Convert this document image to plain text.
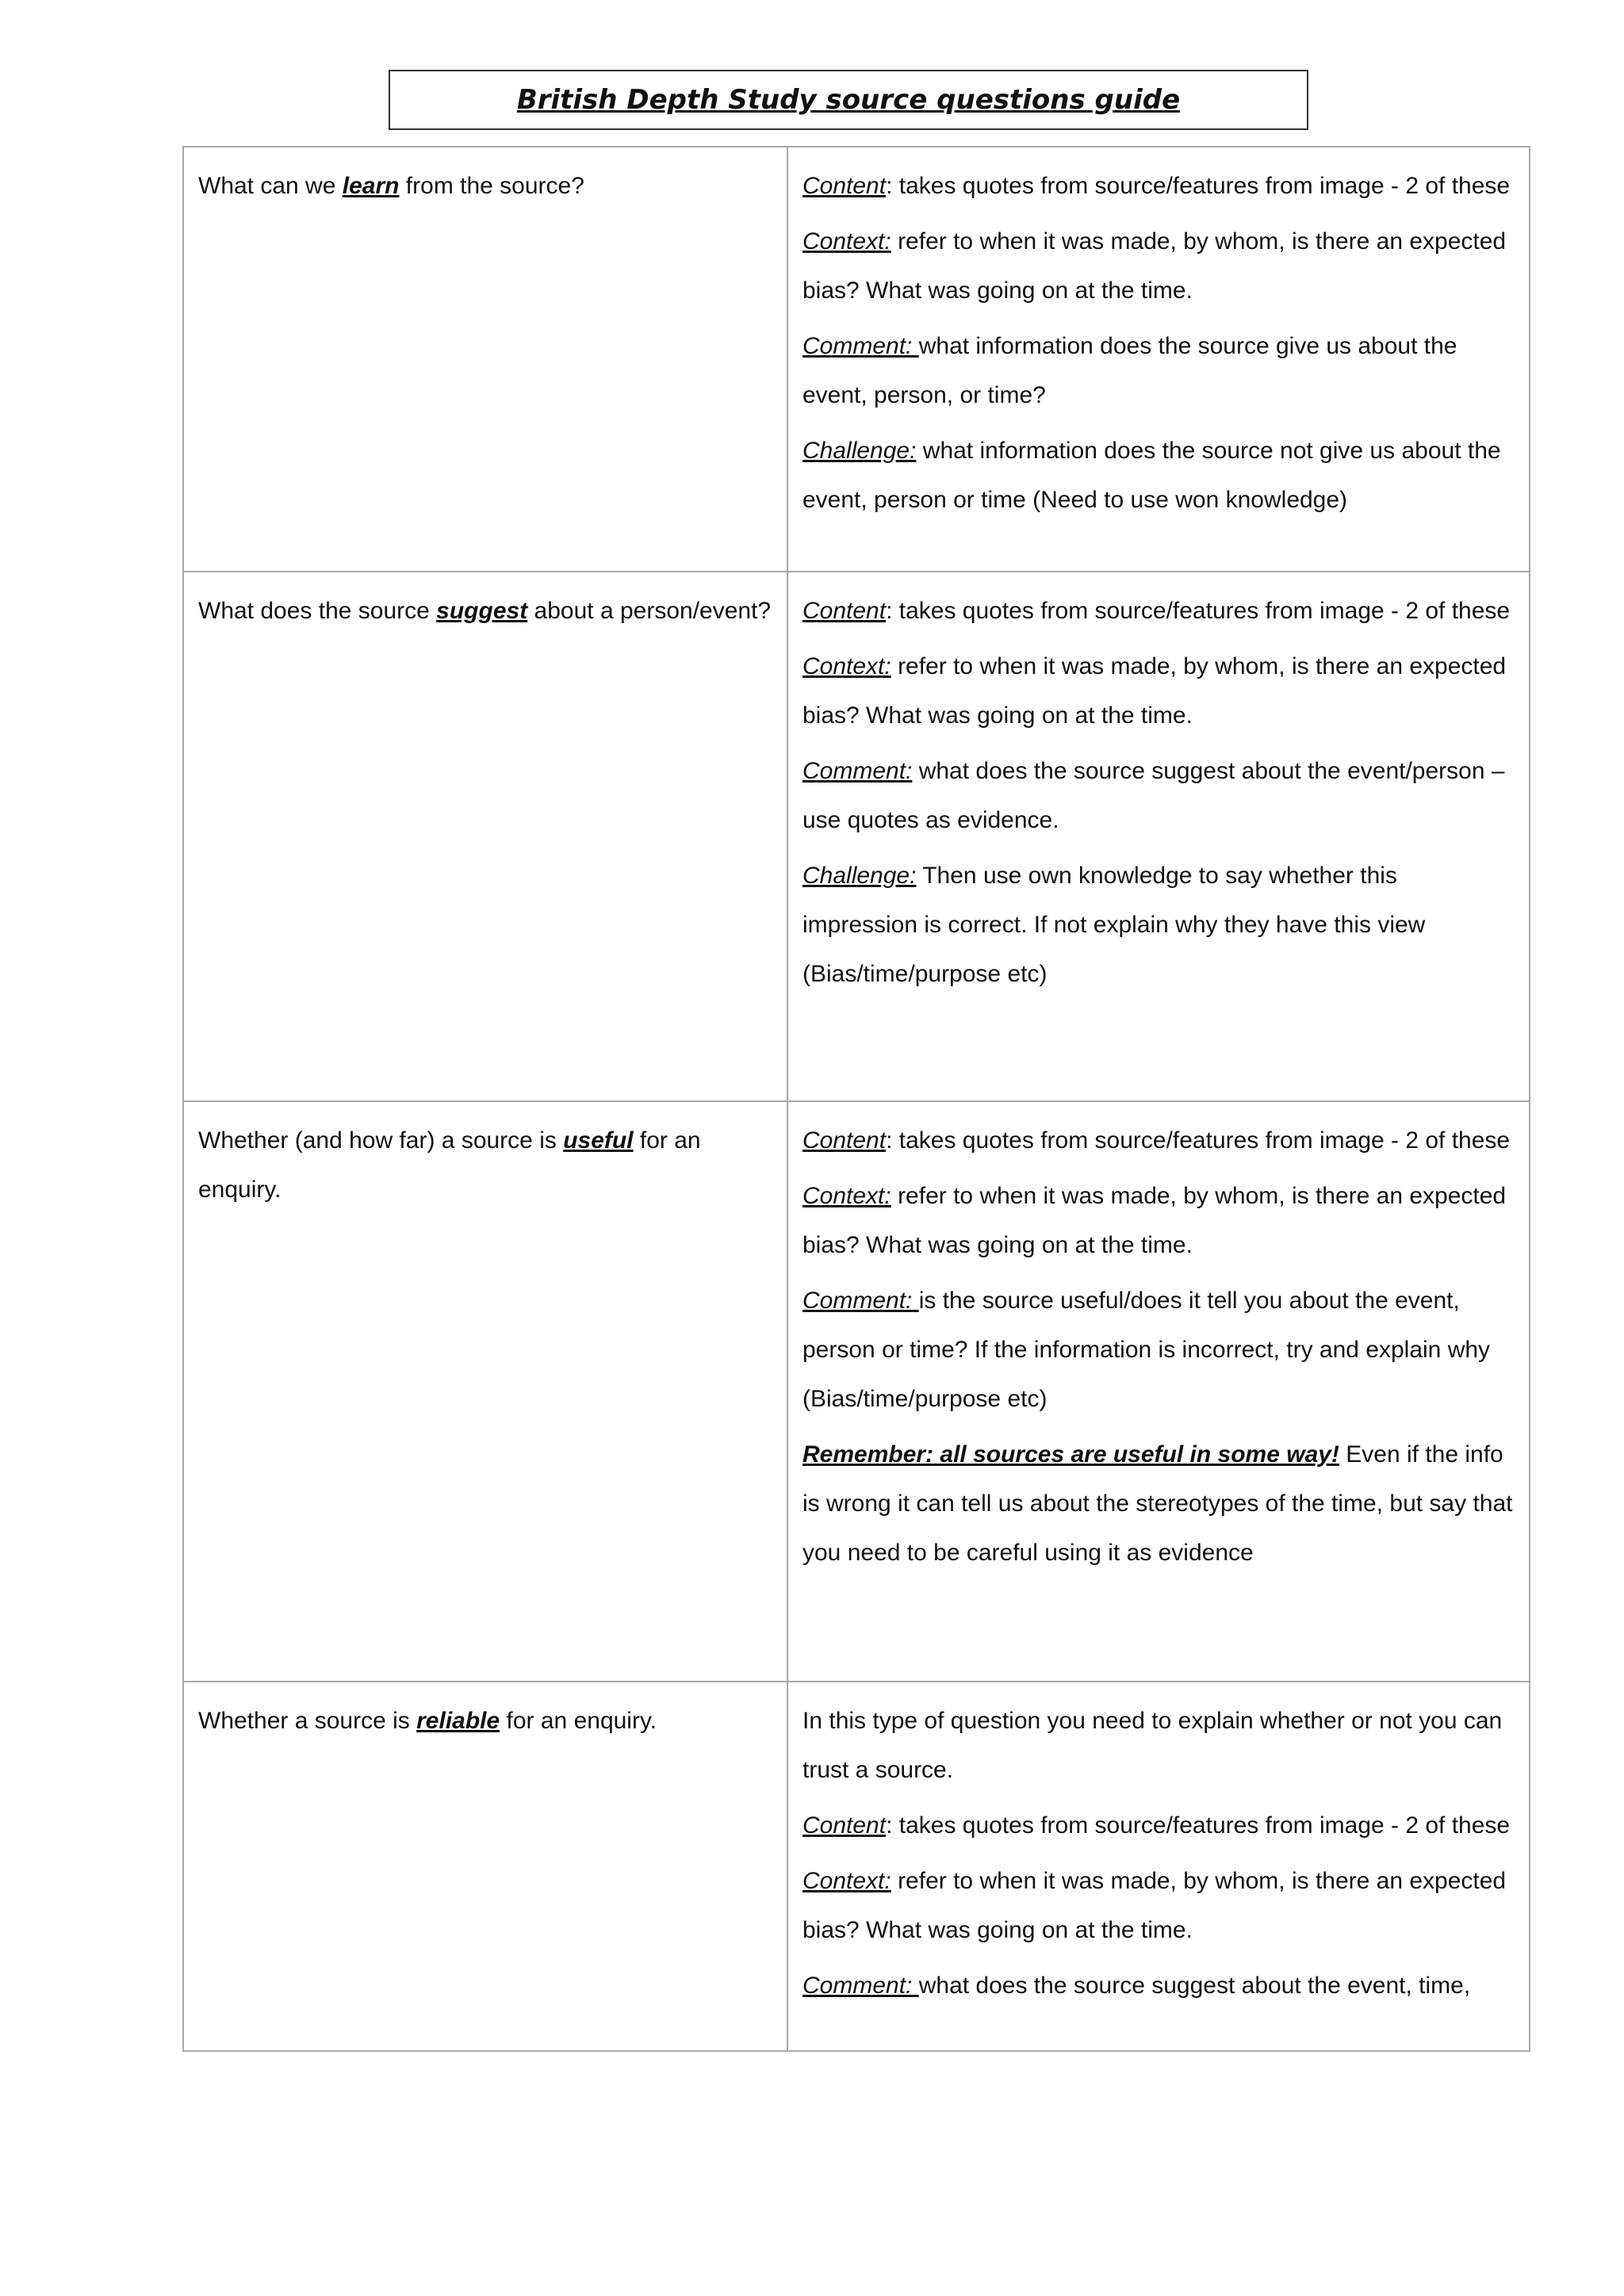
British Depth Study source questions guide
What can we learn from the source?	Content: takes quotes from source/features from image - 2 of these

Context: refer to when it was made, by whom, is there an expected bias? What was going on at the time.

Comment: what information does the source give us about the event, person, or time?

Challenge: what information does the source not give us about the event, person or time (Need to use won knowledge)

What does the source suggest about a person/event?	Content: takes quotes from source/features from image - 2 of these

Context: refer to when it was made, by whom, is there an expected bias? What was going on at the time.

Comment: what does the source suggest about the event/person – use quotes as evidence.

Challenge: Then use own knowledge to say whether this impression is correct. If not explain why they have this view (Bias/time/purpose etc)

Whether (and how far) a source is useful for an enquiry.	Content: takes quotes from source/features from image - 2 of these

Context: refer to when it was made, by whom, is there an expected bias? What was going on at the time.

Comment: is the source useful/does it tell you about the event, person or time? If the information is incorrect, try and explain why (Bias/time/purpose etc)

Remember: all sources are useful in some way! Even if the info is wrong it can tell us about the stereotypes of the time, but say that you need to be careful using it as evidence

Whether a source is reliable for an enquiry.	In this type of question you need to explain whether or not you can trust a source.

Content: takes quotes from source/features from image - 2 of these

Context: refer to when it was made, by whom, is there an expected bias? What was going on at the time.

Comment: what does the source suggest about the event, time,
